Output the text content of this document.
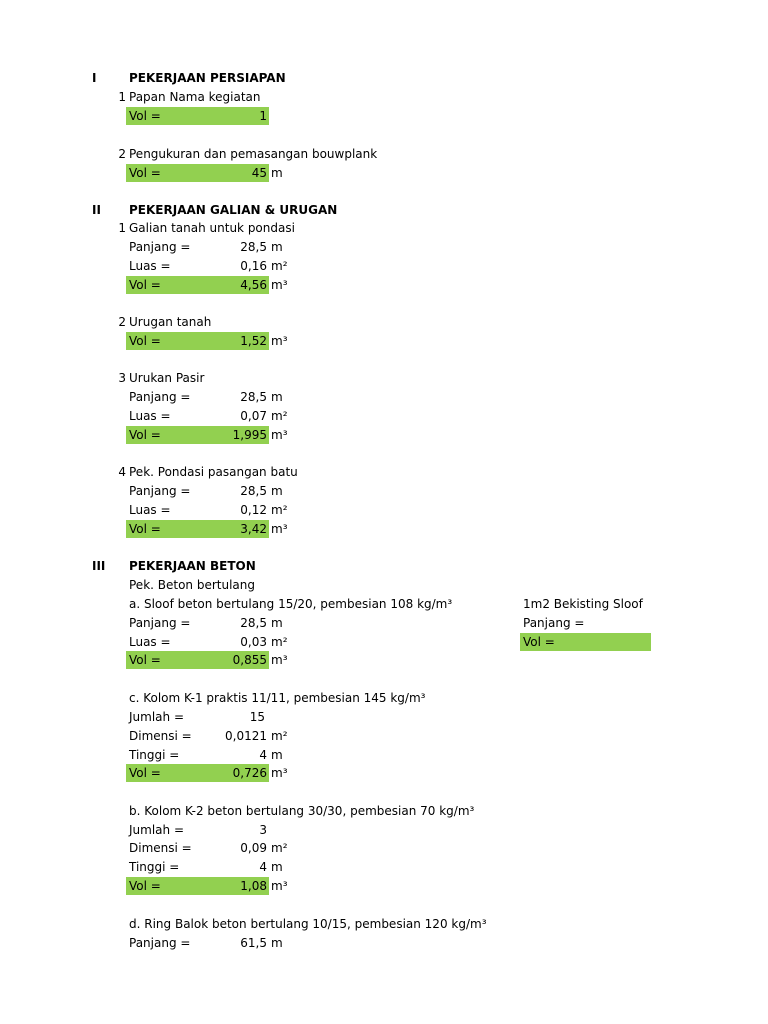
I	PEKERJAAN PERSIAPAN
1 Papan Nama kegiatan
Vol =	1
2 Pengukuran dan pemasangan bouwplank
Vol =	45 m
II PEKERJAAN GALIAN & URUGAN
1 Galian tanah untuk pondasi
Panjang =	28,5 m
Luas =	0,16 m²
Vol =	4,56 m³
2 Urugan tanah
Vol =	1,52 m³
3 Urukan Pasir
Panjang =	28,5 m
Luas =	0,07 m²
Vol =	1,995 m³
4 Pek. Pondasi pasangan batu
Panjang =	28,5 m
Luas =	0,12 m²
Vol =	3,42 m³
III PEKERJAAN BETON
Pek. Beton bertulang
a. Sloof beton bertulang 15/20, pembesian 108 kg/m³
Panjang =	28,5 m
Luas =	0,03 m²
Vol =	0,855 m³
1m2 Bekisting Sloof
Panjang =
Vol =
c. Kolom K-1 praktis 11/11, pembesian 145 kg/m³
Jumlah =	15
Dimensi =	0,0121 m²
Tinggi =	4 m
Vol =	0,726 m³
b. Kolom K-2 beton bertulang 30/30, pembesian 70 kg/m³
Jumlah =	3
Dimensi =	0,09 m²
Tinggi =	4 m
Vol =	1,08 m³
d. Ring Balok beton bertulang 10/15, pembesian 120 kg/m³
Panjang =	61,5 m
